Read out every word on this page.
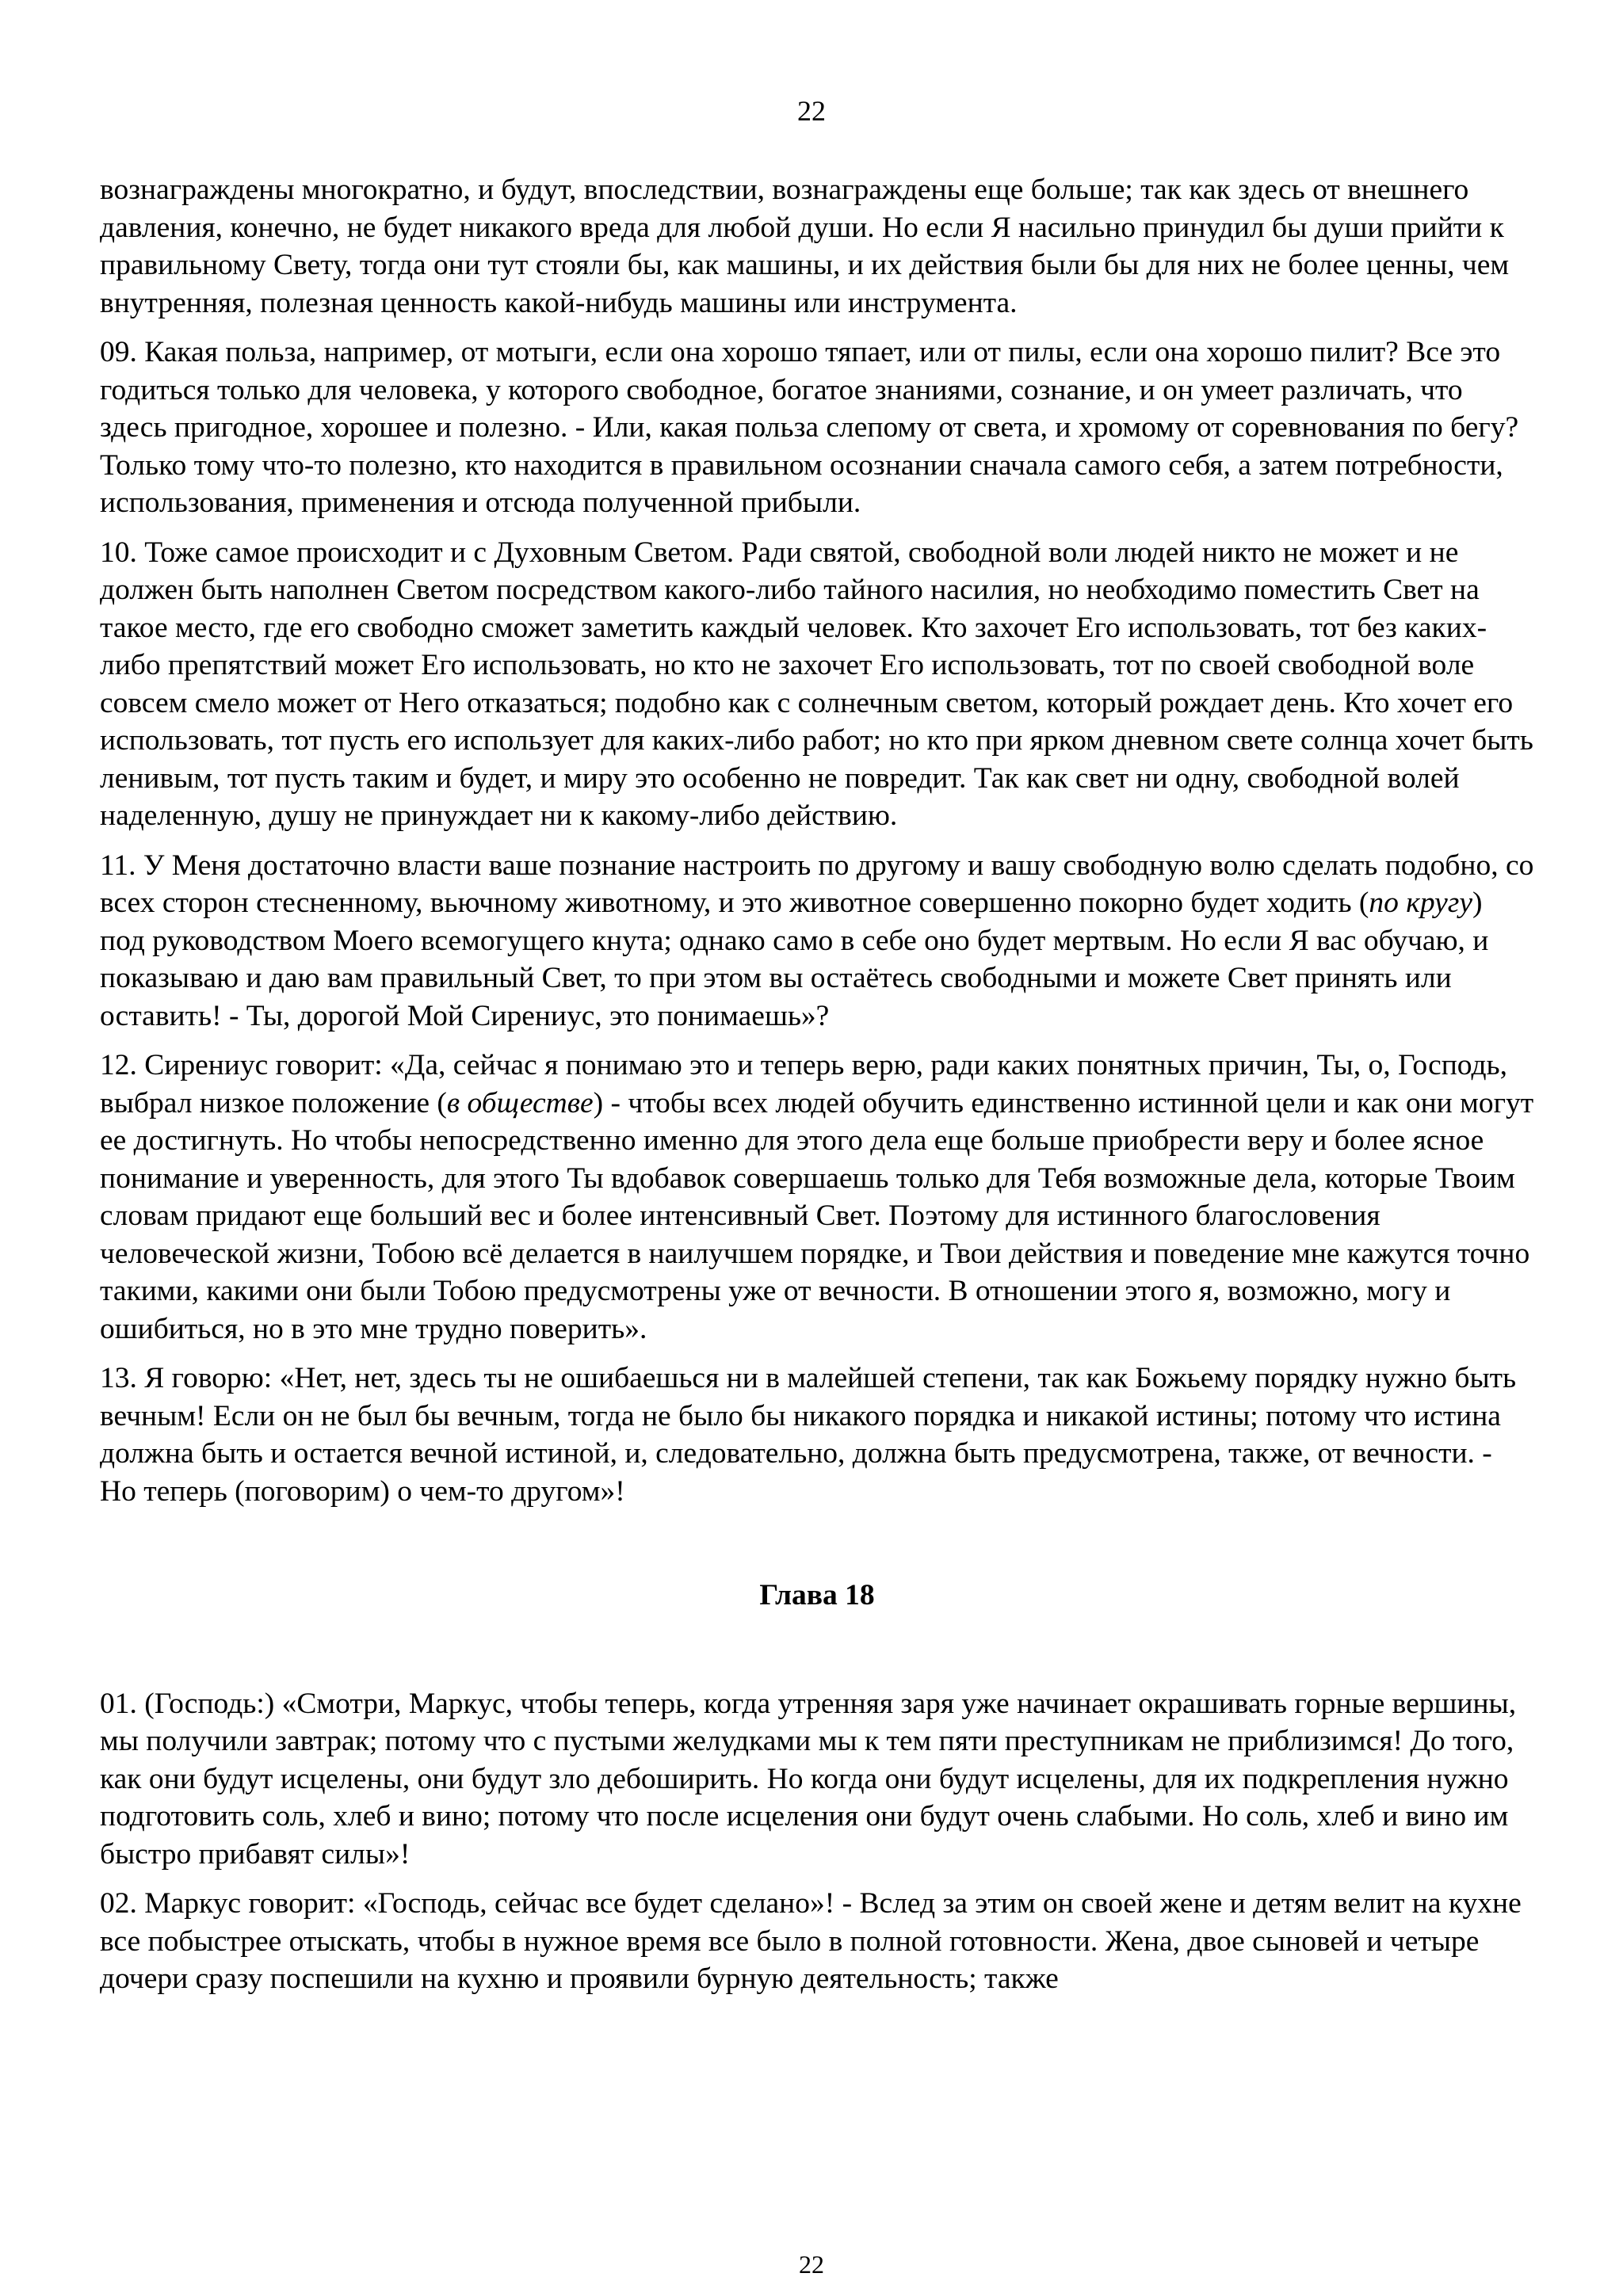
22

вознаграждены многократно, и будут, впоследствии, вознаграждены еще больше; так как здесь от внешнего давления, конечно, не будет никакого вреда для любой души. Но если Я насильно принудил бы души прийти к правильному Свету, тогда они тут стояли бы, как машины, и их действия были бы для них не более ценны, чем внутренняя, полезная ценность какой-нибудь машины или инструмента.

09. Какая польза, например, от мотыги, если она хорошо тяпает, или от пилы, если она хорошо пилит? Все это годиться только для человека, у которого свободное, богатое знаниями, сознание, и он умеет различать, что здесь пригодное, хорошее и полезно. - Или, какая польза слепому от света, и хромому от соревнования по бегу? Только тому что-то полезно, кто находится в правильном осознании сначала самого себя, а затем потребности, использования, применения и отсюда полученной прибыли.

10. Тоже самое происходит и с Духовным Светом. Ради святой, свободной воли людей никто не может и не должен быть наполнен Светом посредством какого-либо тайного насилия, но необходимо поместить Свет на такое место, где его свободно сможет заметить каждый человек. Кто захочет Его использовать, тот без каких-либо препятствий может Его использовать, но кто не захочет Его использовать, тот по своей свободной воле совсем смело может от Него отказаться; подобно как с солнечным светом, который рождает день. Кто хочет его использовать, тот пусть его использует для каких-либо работ; но кто при ярком дневном свете солнца хочет быть ленивым, тот пусть таким и будет, и миру это особенно не повредит. Так как свет ни одну, свободной волей наделенную, душу не принуждает ни к какому-либо действию.

11. У Меня достаточно власти ваше познание настроить по другому и вашу свободную волю сделать подобно, со всех сторон стесненному, вьючному животному, и это животное совершенно покорно будет ходить (по кругу) под руководством Моего всемогущего кнута; однако само в себе оно будет мертвым. Но если Я вас обучаю, и показываю и даю вам правильный Свет, то при этом вы остаётесь свободными и можете Свет принять или оставить! - Ты, дорогой Мой Сирениус, это понимаешь»?

12. Сирениус говорит: «Да, сейчас я понимаю это и теперь верю, ради каких понятных причин, Ты, о, Господь, выбрал низкое положение (в обществе) - чтобы всех людей обучить единственно истинной цели и как они могут ее достигнуть. Но чтобы непосредственно именно для этого дела еще больше приобрести веру и более ясное понимание и уверенность, для этого Ты вдобавок совершаешь только для Тебя возможные дела, которые Твоим словам придают еще больший вес и более интенсивный Свет. Поэтому для истинного благословения человеческой жизни, Тобою всё делается в наилучшем порядке, и Твои действия и поведение мне кажутся точно такими, какими они были Тобою предусмотрены уже от вечности. В отношении этого я, возможно, могу и ошибиться, но в это мне трудно поверить».

13. Я говорю: «Нет, нет, здесь ты не ошибаешься ни в малейшей степени, так как Божьему порядку нужно быть вечным! Если он не был бы вечным, тогда не было бы никакого порядка и никакой истины; потому что истина должна быть и остается вечной истиной, и, следовательно, должна быть предусмотрена, также, от вечности. - Но теперь (поговорим) о чем-то другом»!

Глава 18

01. (Господь:) «Смотри, Маркус, чтобы теперь, когда утренняя заря уже начинает окрашивать горные вершины, мы получили завтрак; потому что с пустыми желудками мы к тем пяти преступникам не приблизимся! До того, как они будут исцелены, они будут зло дебоширить. Но когда они будут исцелены, для их подкрепления нужно подготовить соль, хлеб и вино; потому что после исцеления они будут очень слабыми. Но соль, хлеб и вино им быстро прибавят силы»!

02. Маркус говорит: «Господь, сейчас все будет сделано»! - Вслед за этим он своей жене и детям велит на кухне все побыстрее отыскать, чтобы в нужное время все было в полной готовности. Жена, двое сыновей и четыре дочери сразу поспешили на кухню и проявили бурную деятельность; также

22
